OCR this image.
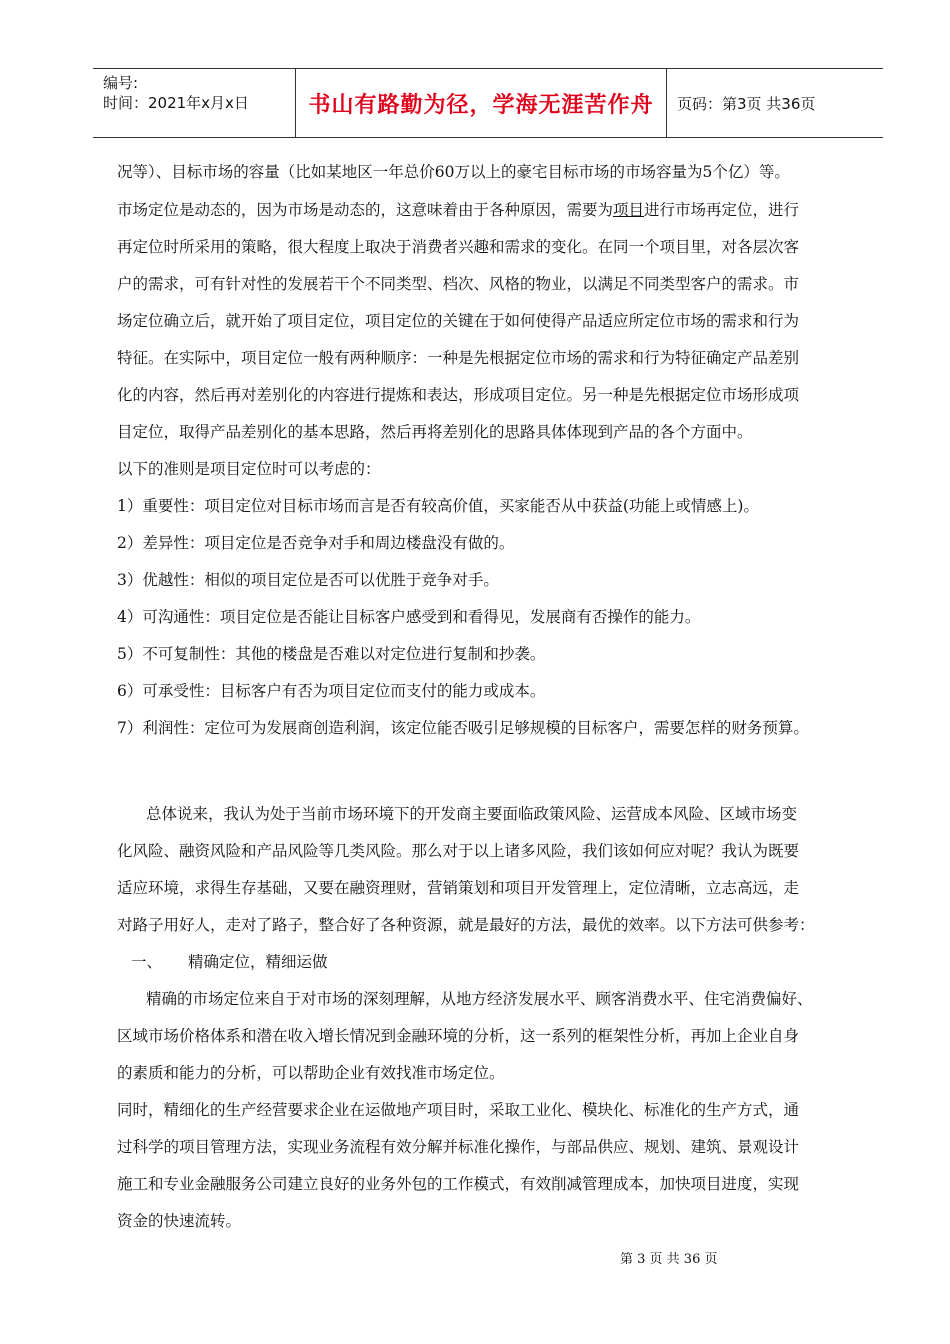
编号:
时间：2021年x月x日	书山有路勤为径，学海无涯苦作舟 页码：第3页 共36页
况等）、目标市场的容量（比如某地区一年总价60万以上的豪宅目标市场的市场容量为5个亿）等。
市场定位是动态的，因为市场是动态的，这意味着由于各种原因，需要为项目进行市场再定位，进行
再定位时所采用的策略，很大程度上取决于消费者兴趣和需求的变化。在同一个项目里，对各层次客
户的需求，可有针对性的发展若干个不同类型、档次、风格的物业，以满足不同类型客户的需求。市
场定位确立后，就开始了项目定位，项目定位的关键在于如何使得产品适应所定位市场的需求和行为
特征。在实际中，项目定位一般有两种顺序：一种是先根据定位市场的需求和行为特征确定产品差别
化的内容，然后再对差别化的内容进行提炼和表达，形成项目定位。另一种是先根据定位市场形成项
目定位，取得产品差别化的基本思路，然后再将差别化的思路具体体现到产品的各个方面中。
以下的准则是项目定位时可以考虑的：
1）重要性：项目定位对目标市场而言是否有较高价值，买家能否从中获益(功能上或情感上)。
2）差异性：项目定位是否竞争对手和周边楼盘没有做的。
3）优越性：相似的项目定位是否可以优胜于竞争对手。
4）可沟通性：项目定位是否能让目标客户感受到和看得见，发展商有否操作的能力。
5）不可复制性：其他的楼盘是否难以对定位进行复制和抄袭。
6）可承受性：目标客户有否为项目定位而支付的能力或成本。
7）利润性：定位可为发展商创造利润，该定位能否吸引足够规模的目标客户，需要怎样的财务预算。
总体说来，我认为处于当前市场环境下的开发商主要面临政策风险、运营成本风险、区域市场变
化风险、融资风险和产品风险等几类风险。那么对于以上诸多风险，我们该如何应对呢？我认为既要
适应环境，求得生存基础，又要在融资理财，营销策划和项目开发管理上，定位清晰，立志高远，走
对路子用好人，走对了路子，整合好了各种资源，就是最好的方法，最优的效率。以下方法可供参考：
一、 精确定位，精细运做
精确的市场定位来自于对市场的深刻理解，从地方经济发展水平、顾客消费水平、住宅消费偏好、
区域市场价格体系和潜在收入增长情况到金融环境的分析，这一系列的框架性分析，再加上企业自身
的素质和能力的分析，可以帮助企业有效找准市场定位。
同时，精细化的生产经营要求企业在运做地产项目时，采取工业化、模块化、标准化的生产方式，通
过科学的项目管理方法，实现业务流程有效分解并标准化操作，与部品供应、规划、建筑、景观设计
施工和专业金融服务公司建立良好的业务外包的工作模式，有效削减管理成本，加快项目进度，实现
资金的快速流转。
第 3 页 共 36 页
